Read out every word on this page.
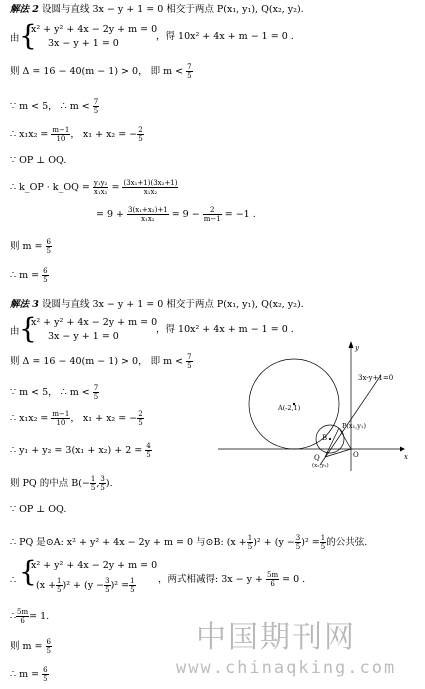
解法 2 设圆与直线 3x − y + 1 = 0 相交于两点 P(x₁, y₁), Q(x₂, y₂).
由 {
x² + y² + 4x − 2y + m = 0
3x − y + 1 = 0
，得 10x² + 4x + m − 1 = 0 .
则 Δ = 16 − 40(m − 1) > 0， 即 $m < \frac{7}{5}$
∵ m < 5， ∴ $m < \frac{7}{5}$
∴ $x_1x_2 = \frac{m-1}{10}$ ， x₁ + x₂ = − $\frac{2}{5}$
∵ OP ⊥ OQ.
∴ k_OP · k_OQ = $\frac{\text{y₁y₂}}{\text{x₁x₂}} = \frac{\text{(3x₁+1)(3x₂+1)}}{\text{x₁x₂}}$
= $9 + \frac{\text{3(x₁+x₂)+1}}{\text{x₁x₂}} = 9 - \frac{2}{m-1} = -1$ .
则 $m = \frac{6}{5}$
∴ $m = \frac{6}{5}$
解法 3 设圆与直线 3x − y + 1 = 0 相交于两点 P(x₁, y₁), Q(x₂, y₂).
由 {
x² + y² + 4x − 2y + m = 0
3x − y + 1 = 0
，得 10x² + 4x + m − 1 = 0 .
则 Δ = 16 − 40(m − 1) > 0， 即 $m < \frac{7}{5}$
∵ m < 5， ∴ $m < \frac{7}{5}$
∴ $x_1x_2 = \frac{m-1}{10}$ ， x₁ + x₂ = − $\frac{2}{5}$
∴ $y_1 + y_2 = 3(x_1 + x_2) + 2 = \frac{4}{5}$
则 PQ 的中点 $B(- \frac{1}{5}$ , $\frac{3}{5}$ ).
∵ OP ⊥ OQ.
∴ PQ 是⊙A: x² + y² + 4x − 2y + m = 0 与⊙B: $(x + \frac{1}{5} )^2 + (y - \frac{3}{5} )^2 = \frac{1}{5}$ 的公共弦.
∴ {
x² + y² + 4x − 2y + m = 0
$(x + \frac{1}{5} )^2 + (y - \frac{3}{5} )^2 = \frac{1}{5}$ ，两式相减得: $3x - y + \frac{5m}{6} = 0$ .
∴ $\frac{5m}{6} = 1$.
则 $m = \frac{6}{5}$
∴ $m = \frac{6}{5}$
3x-y+1=0
A(-2,1)
P(x₁,y₁)
B
Q
(x₂,y₂)
O	x
y
中国期刊网
www.chinaqking.com
